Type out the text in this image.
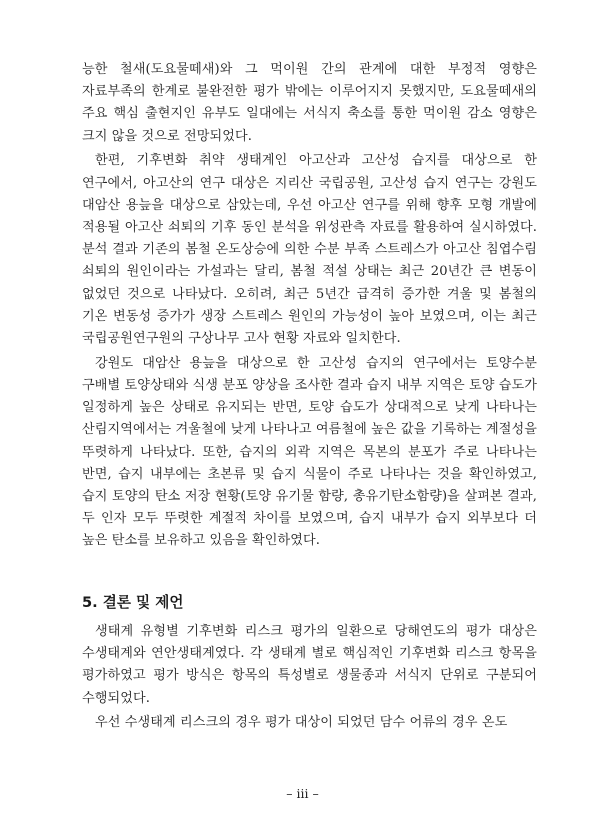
능한 철새(도요물떼새)와 그 먹이원 간의 관계에 대한 부정적 영향은 자료부족의 한계로 불완전한 평가 밖에는 이루어지지 못했지만, 도요물떼새의 주요 핵심 출현지인 유부도 일대에는 서식지 축소를 통한 먹이원 감소 영향은 크지 않을 것으로 전망되었다.

한편, 기후변화 취약 생태계인 아고산과 고산성 습지를 대상으로 한 연구에서, 아고산의 연구 대상은 지리산 국립공원, 고산성 습지 연구는 강원도 대암산 용늪을 대상으로 삼았는데, 우선 아고산 연구를 위해 향후 모형 개발에 적용될 아고산 쇠퇴의 기후 동인 분석을 위성관측 자료를 활용하여 실시하였다. 분석 결과 기존의 봄철 온도상승에 의한 수분 부족 스트레스가 아고산 침엽수림 쇠퇴의 원인이라는 가설과는 달리, 봄철 적설 상태는 최근 20년간 큰 변동이 없었던 것으로 나타났다. 오히려, 최근 5년간 급격히 증가한 겨울 및 봄철의 기온 변동성 증가가 생장 스트레스 원인의 가능성이 높아 보였으며, 이는 최근 국립공원연구원의 구상나무 고사 현황 자료와 일치한다.

강원도 대암산 용늪을 대상으로 한 고산성 습지의 연구에서는 토양수분 구배별 토양상태와 식생 분포 양상을 조사한 결과 습지 내부 지역은 토양 습도가 일정하게 높은 상태로 유지되는 반면, 토양 습도가 상대적으로 낮게 나타나는 산림지역에서는 겨울철에 낮게 나타나고 여름철에 높은 값을 기록하는 계절성을 뚜렷하게 나타났다. 또한, 습지의 외곽 지역은 목본의 분포가 주로 나타나는 반면, 습지 내부에는 초본류 및 습지 식물이 주로 나타나는 것을 확인하였고, 습지 토양의 탄소 저장 현황(토양 유기물 함량, 총유기탄소함량)을 살펴본 결과, 두 인자 모두 뚜렷한 계절적 차이를 보였으며, 습지 내부가 습지 외부보다 더 높은 탄소를 보유하고 있음을 확인하였다.

5. 결론 및 제언

생태계 유형별 기후변화 리스크 평가의 일환으로 당해연도의 평가 대상은 수생태계와 연안생태계였다. 각 생태계 별로 핵심적인 기후변화 리스크 항목을 평가하였고 평가 방식은 항목의 특성별로 생물종과 서식지 단위로 구분되어 수행되었다.

우선 수생태계 리스크의 경우 평가 대상이 되었던 담수 어류의 경우 온도

– iii –
